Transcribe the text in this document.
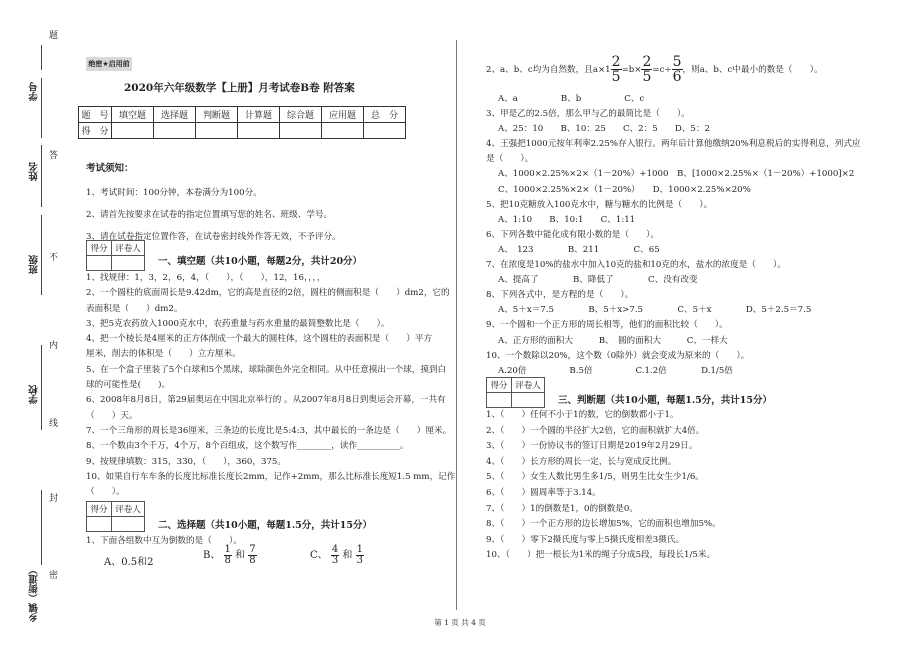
题
学号
姓名
答
不
班级
内
学校
线
封
乡镇（街道） 密
绝密★启用前
2020年六年级数学【上册】月考试卷B卷 附答案
题　号	填空题	选择题	判断题	计算题	综合题	应用题	总　分
得　分							
考试须知：
1、考试时间：100分钟，本卷满分为100分。
2、请首先按要求在试卷的指定位置填写您的姓名、班级、学号。
3、请在试卷指定位置作答，在试卷密封线外作答无效，不予评分。
得分	评卷人

一、填空题（共10小题，每题2分，共计20分）
1、找规律：1，3，2，6，4，（　　），（　　），12，16，，，，
2、一个圆柱的底面周长是9.42dm，它的高是直径的2倍，圆柱的侧面积是（　　）dm2，它的
表面积是（　　）dm2。
3、把5克农药放入1000克水中，农药重量与药水重量的最简整数比是（　　）。
4、把一个棱长是4厘米的正方体削成一个最大的圆柱体，这个圆柱的表面积是（　　）平方
厘米，削去的体积是（　　）立方厘米。
5、在一个盒子里装了5个白球和5个黑球，球除颜色外完全相同。从中任意摸出一个球，摸到白
球的可能性是(　　)。
6、2008年8月8日，第29届奥运在中国北京举行的 。从2007年8月8日到奥运会开幕，一共有
（　　）天。
7、一个三角形的周长是36厘米，三条边的长度比是5:4:3，其中最长的一条边是（　　）厘米。
8、一个数由3个千万，4个万，8个百组成，这个数写作________，读作__________。
9、按规律填数：315，330，（　　），360，375。
10、如果自行车车条的长度比标准长度长2mm，记作+2mm，那么比标准长度短1.5 mm，记作
（　　）。
得分	评卷人

二、选择题（共10小题，每题1.5分，共计15分）
1、下面各组数中互为倒数的是（　　）。
A、0.5和2
B、 $\frac{1}{8}$ 和 $\frac{7}{8}$	C、 $\frac{4}{3}$ 和 $\frac{1}{3}$
2、a、b、c均为自然数，且$a\times 1 \frac{2}{5} =b\times \frac{2}{5} =c\div \frac{5}{6}$ ，则a、b、c中最小的数是（　　）。
A、a　　　　　B、b　　　　　C、c
3、甲是乙的2.5倍，那么甲与乙的最简比是（　　）。
A、25：10　　B、10：25　　C、2：5　　D、5：2
4、王强把1000元按年利率2.25%存入银行。两年后计算他缴纳20%利息税后的实得利息，列式应
是（　　）。
A、1000×2.25%×2×（1－20%）+1000　B、[1000×2.25%×（1－20%）+1000]×2
C、1000×2.25%×2×（1－20%）　　D、1000×2.25%×20%
5、把10克糖放入100克水中，糖与糖水的比例是（　　）。
A、1:10　　B、10:1　　C、1:11
6、下列各数中能化成有限小数的是（　　）。
A、　123　　　　B、211　　　　C、65
7、在浓度是10%的盐水中加入10克的盐和10克的水，盐水的浓度是（　　）。
A、提高了　　　　B、降低了　　　　C、没有改变
8、下列各式中，是方程的是（　　）。
A、5＋x＝7.5　　　　B、5＋x>7.5　　　　C、5＋x　　　　D、5＋2.5＝7.5
9、一个圆和一个正方形的周长相等，他们的面积比较（　　）。
A、正方形的面积大　　　B、　圆的面积大　　　C、一样大
10、一个数除以20%，这个数（0除外）就会变成为原来的（　　）。
A.20倍　　　　　B.5倍　　　　　C.1.2倍　　　　D.1/5倍
得分	评卷人

三、判断题（共10小题，每题1.5分，共计15分）
1、（　　）任何不小于1的数，它的倒数都小于1。
2、（　　）一个圆的半径扩大2倍，它的面积就扩大4倍。
3、（　　）一份协议书的签订日期是2019年2月29日。
4、（　　）长方形的周长一定，长与宽成反比例。
5、（　　）女生人数比男生多1/5，则男生比女生少1/6。
6、（　　）圆周率等于3.14。
7、（　　）1的倒数是1，0的倒数是0。
8、（　　）一个正方形的边长增加5%，它的面积也增加5%。
9、（　　）零下2摄氏度与零上5摄氏度相差3摄氏。
10、（　　）把一根长为1米的绳子分成5段，每段长1/5米。
第 1 页 共 4 页
